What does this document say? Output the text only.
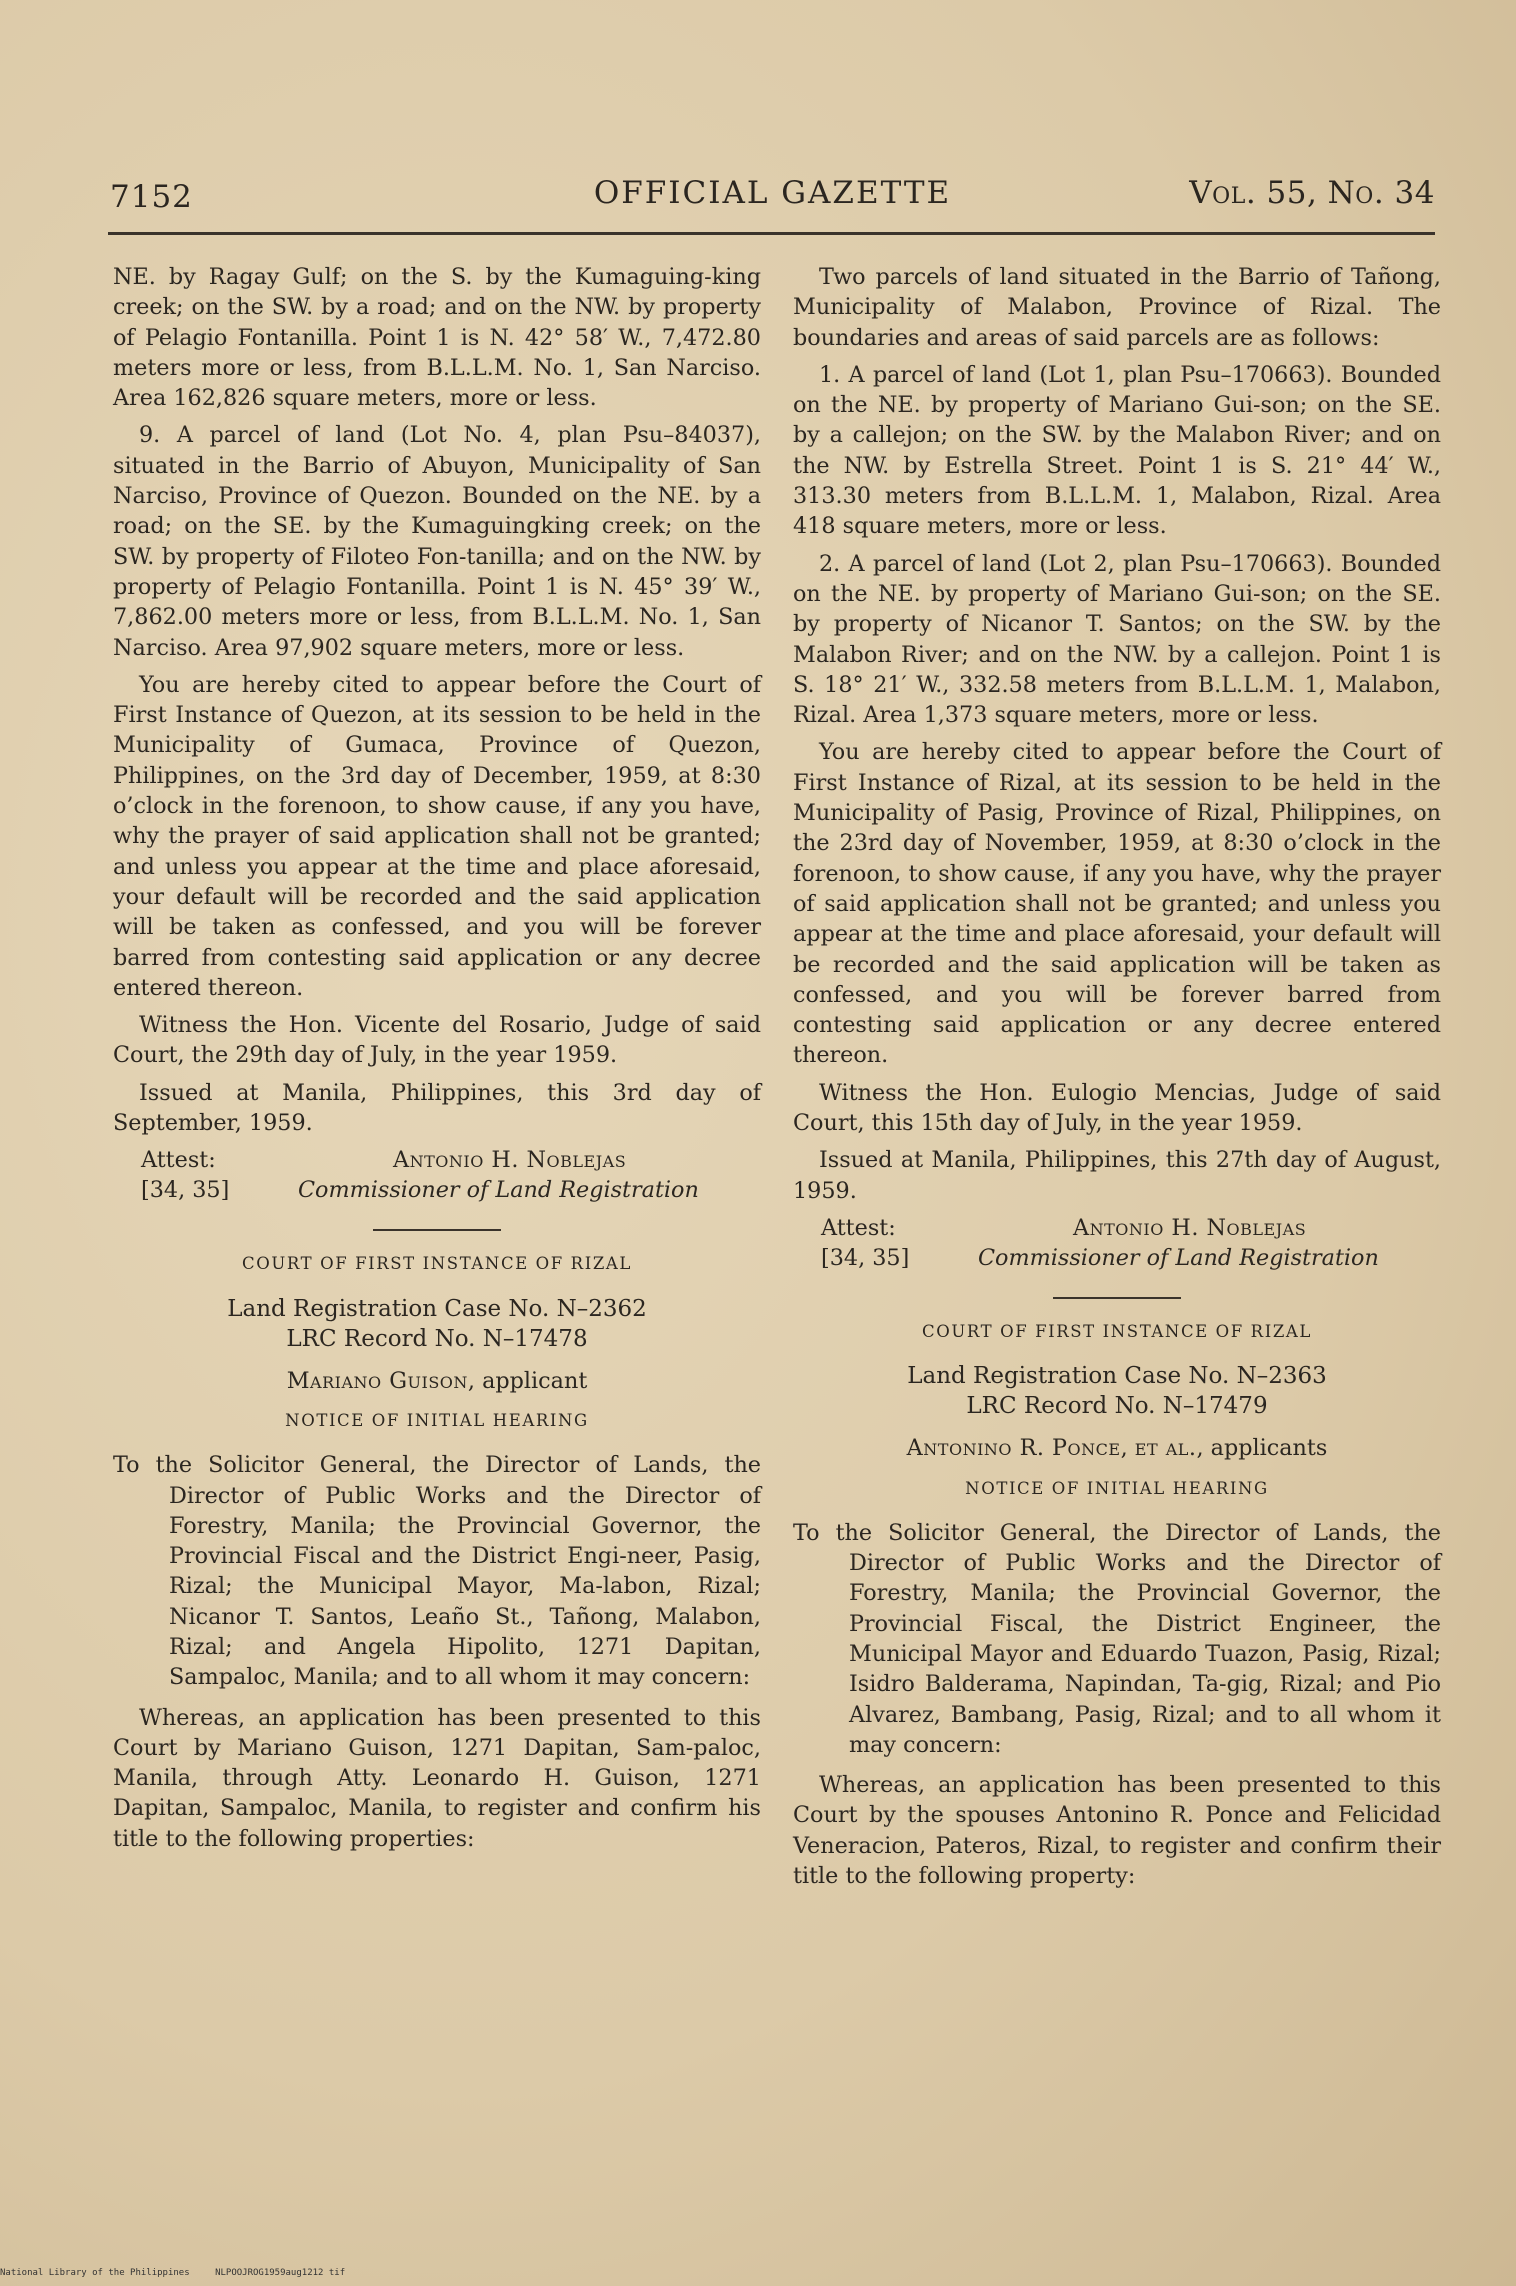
7152	OFFICIAL GAZETTE	Vol. 55, No. 34

NE. by Ragay Gulf; on the S. by the Kumaguing-king creek; on the SW. by a road; and on the NW. by property of Pelagio Fontanilla. Point 1 is N. 42° 58′ W., 7,472.80 meters more or less, from B.L.L.M. No. 1, San Narciso. Area 162,826 square meters, more or less.

9. A parcel of land (Lot No. 4, plan Psu–84037), situated in the Barrio of Abuyon, Municipality of San Narciso, Province of Quezon. Bounded on the NE. by a road; on the SE. by the Kumaguingking creek; on the SW. by property of Filoteo Fon-tanilla; and on the NW. by property of Pelagio Fontanilla. Point 1 is N. 45° 39′ W., 7,862.00 meters more or less, from B.L.L.M. No. 1, San Narciso. Area 97,902 square meters, more or less.

You are hereby cited to appear before the Court of First Instance of Quezon, at its session to be held in the Municipality of Gumaca, Province of Quezon, Philippines, on the 3rd day of December, 1959, at 8:30 o’clock in the forenoon, to show cause, if any you have, why the prayer of said application shall not be granted; and unless you appear at the time and place aforesaid, your default will be recorded and the said application will be taken as confessed, and you will be forever barred from contesting said application or any decree entered thereon.

Witness the Hon. Vicente del Rosario, Judge of said Court, the 29th day of July, in the year 1959.

Issued at Manila, Philippines, this 3rd day of September, 1959.

Attest:
[34, 35]
Antonio H. Noblejas
Commissioner of Land Registration
COURT OF FIRST INSTANCE OF RIZAL
Land Registration Case No. N–2362
LRC Record No. N–17478
Mariano Guison, applicant
NOTICE OF INITIAL HEARING

To the Solicitor General, the Director of Lands, the Director of Public Works and the Director of Forestry, Manila; the Provincial Governor, the Provincial Fiscal and the District Engi-neer, Pasig, Rizal; the Municipal Mayor, Ma-labon, Rizal; Nicanor T. Santos, Leaño St., Tañong, Malabon, Rizal; and Angela Hipolito, 1271 Dapitan, Sampaloc, Manila; and to all whom it may concern:

Whereas, an application has been presented to this Court by Mariano Guison, 1271 Dapitan, Sam-paloc, Manila, through Atty. Leonardo H. Guison, 1271 Dapitan, Sampaloc, Manila, to register and confirm his title to the following properties:

Two parcels of land situated in the Barrio of Tañong, Municipality of Malabon, Province of Rizal. The boundaries and areas of said parcels are as follows:

1. A parcel of land (Lot 1, plan Psu–170663). Bounded on the NE. by property of Mariano Gui-son; on the SE. by a callejon; on the SW. by the Malabon River; and on the NW. by Estrella Street. Point 1 is S. 21° 44′ W., 313.30 meters from B.L.L.M. 1, Malabon, Rizal. Area 418 square meters, more or less.

2. A parcel of land (Lot 2, plan Psu–170663). Bounded on the NE. by property of Mariano Gui-son; on the SE. by property of Nicanor T. Santos; on the SW. by the Malabon River; and on the NW. by a callejon. Point 1 is S. 18° 21′ W., 332.58 meters from B.L.L.M. 1, Malabon, Rizal. Area 1,373 square meters, more or less.

You are hereby cited to appear before the Court of First Instance of Rizal, at its session to be held in the Municipality of Pasig, Province of Rizal, Philippines, on the 23rd day of November, 1959, at 8:30 o’clock in the forenoon, to show cause, if any you have, why the prayer of said application shall not be granted; and unless you appear at the time and place aforesaid, your default will be recorded and the said application will be taken as confessed, and you will be forever barred from contesting said application or any decree entered thereon.

Witness the Hon. Eulogio Mencias, Judge of said Court, this 15th day of July, in the year 1959.

Issued at Manila, Philippines, this 27th day of August, 1959.

Attest:
[34, 35]
Antonio H. Noblejas
Commissioner of Land Registration
COURT OF FIRST INSTANCE OF RIZAL
Land Registration Case No. N–2363
LRC Record No. N–17479
Antonino R. Ponce, et al., applicants
NOTICE OF INITIAL HEARING

To the Solicitor General, the Director of Lands, the Director of Public Works and the Director of Forestry, Manila; the Provincial Governor, the Provincial Fiscal, the District Engineer, the Municipal Mayor and Eduardo Tuazon, Pasig, Rizal; Isidro Balderama, Napindan, Ta-gig, Rizal; and Pio Alvarez, Bambang, Pasig, Rizal; and to all whom it may concern:

Whereas, an application has been presented to this Court by the spouses Antonino R. Ponce and Felicidad Veneracion, Pateros, Rizal, to register and confirm their title to the following property:

National Library of the Philippines	NLPOOJROG1959aug1212 tif
